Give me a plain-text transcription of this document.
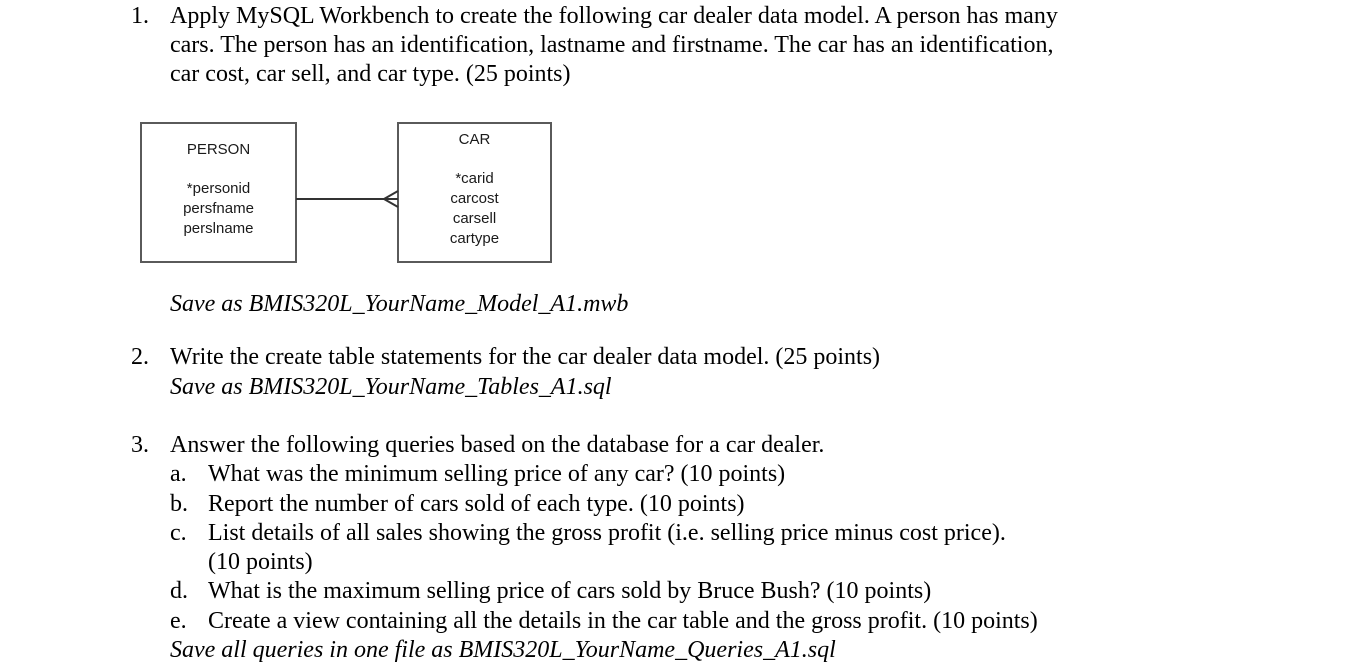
1. Apply MySQL Workbench to create the following car dealer data model. A person has many
cars. The person has an identification, lastname and firstname. The car has an identification,
car cost, car sell, and car type. (25 points)
PERSON
*personid
persfname
perslname
CAR
*carid
carcost
carsell
cartype
Save as BMIS320L_YourName_Model_A1.mwb
2. Write the create table statements for the car dealer data model. (25 points)
Save as BMIS320L_YourName_Tables_A1.sql
3. Answer the following queries based on the database for a car dealer.
a. What was the minimum selling price of any car? (10 points)
b. Report the number of cars sold of each type. (10 points)
c. List details of all sales showing the gross profit (i.e. selling price minus cost price).
(10 points)
d. What is the maximum selling price of cars sold by Bruce Bush? (10 points)
e. Create a view containing all the details in the car table and the gross profit. (10 points)
Save all queries in one file as BMIS320L_YourName_Queries_A1.sql
